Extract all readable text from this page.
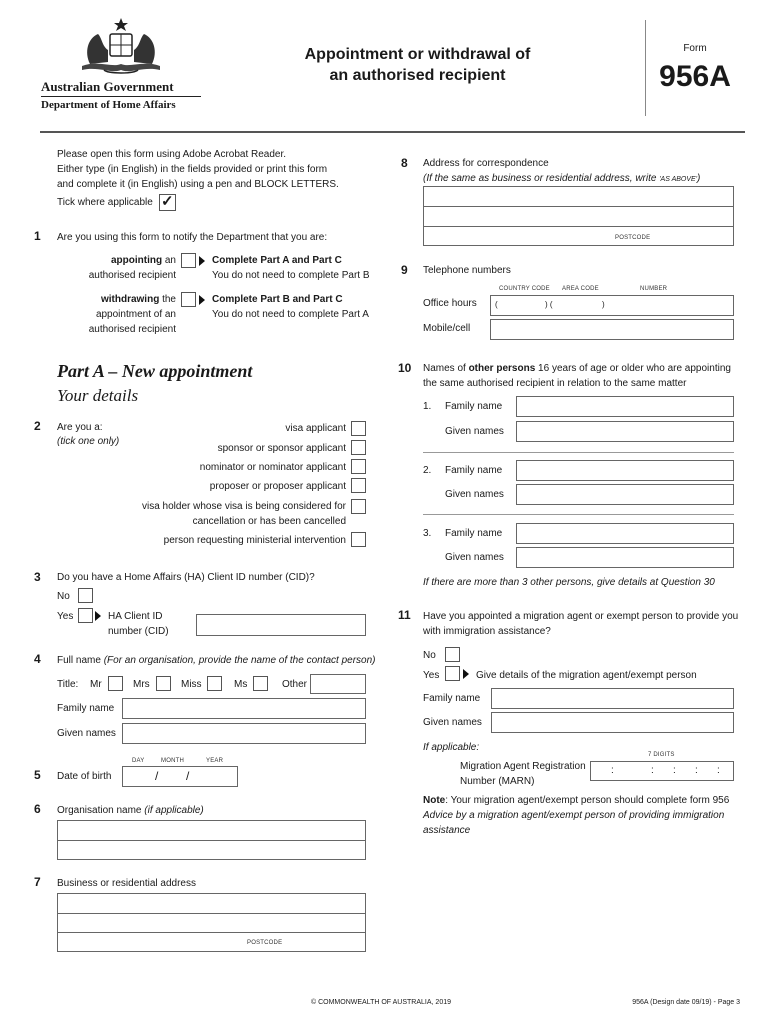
Australian Government
Department of Home Affairs
Appointment or withdrawal of
an authorised recipient
Form
956A
Please open this form using Adobe Acrobat Reader.
Either type (in English) in the fields provided or print this form
and complete it (in English) using a pen and BLOCK LETTERS.
Tick where applicable ✓
1 Are you using this form to notify the Department that you are:
appointing an
authorised recipient
Complete Part A and Part C
You do not need to complete Part B
withdrawing the
appointment of an
authorised recipient
Complete Part B and Part C
You do not need to complete Part A
Part A – New appointment
Your details
2 Are you a:
(tick one only)
visa applicant
sponsor or sponsor applicant
nominator or nominator applicant
proposer or proposer applicant
visa holder whose visa is being considered for
cancellation or has been cancelled
person requesting ministerial intervention
3 Do you have a Home Affairs (HA) Client ID number (CID)?
No
Yes	HA Client ID
number (CID)
4 Full name (For an organisation, provide the name of the contact person)
Title: Mr	Mrs	Miss	Ms	Other
Family name
Given names
DAY	MONTH	YEAR
5 Date of birth	/ /
6 Organisation name (if applicable)
7 Business or residential address
POSTCODE
8 Address for correspondence
(If the same as business or residential address, write 'AS ABOVE')
POSTCODE
9 Telephone numbers
COUNTRY CODE AREA CODE	NUMBER
Office hours (	) (	)
Mobile/cell
10 Names of other persons 16 years of age or older who are appointing
the same authorised recipient in relation to the same matter
1. Family name
Given names
2. Family name
Given names
3. Family name
Given names
If there are more than 3 other persons, give details at Question 30
11 Have you appointed a migration agent or exempt person to provide you
with immigration assistance?
No
Yes	Give details of the migration agent/exempt person
Family name
Given names
If applicable:
7 DIGITS
Migration Agent Registration
Number (MARN)
:	: : : :
Note: Your migration agent/exempt person should complete form 956
Advice by a migration agent/exempt person of providing immigration
assistance
© COMMONWEALTH OF AUSTRALIA, 2019	956A (Design date 09/19) - Page 3
